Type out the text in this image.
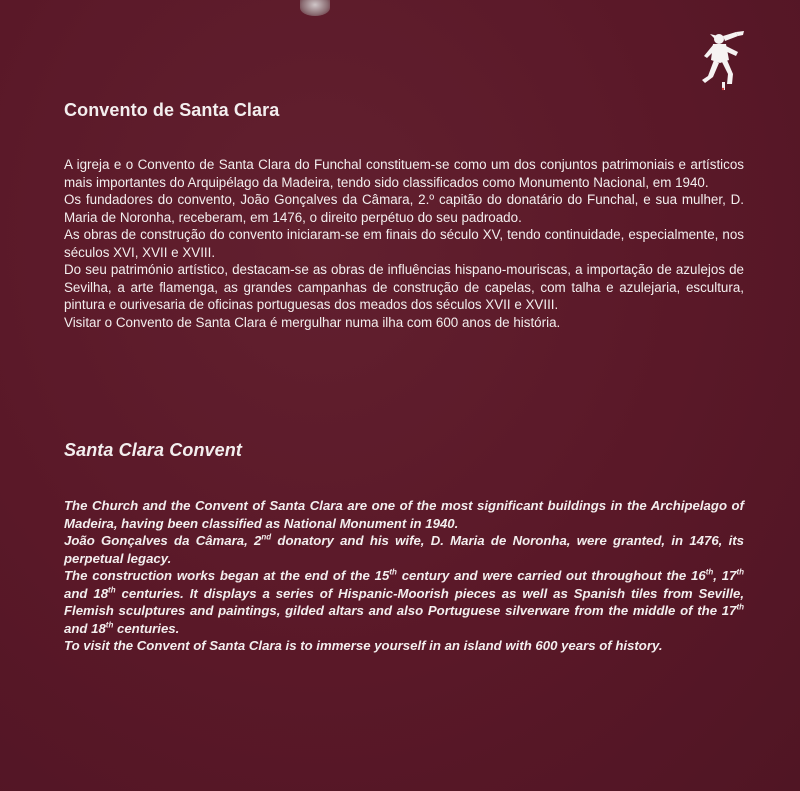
Convento de Santa Clara

A igreja e o Convento de Santa Clara do Funchal constituem-se como um dos conjuntos patrimoniais e artísticos mais importantes do Arquipélago da Madeira, tendo sido classificados como Monumento Nacional, em 1940.

Os fundadores do convento, João Gonçalves da Câmara, 2.º capitão do donatário do Funchal, e sua mulher, D. Maria de Noronha, receberam, em 1476, o direito perpétuo do seu padroado.

As obras de construção do convento iniciaram-se em finais do século XV, tendo continuidade, especialmente, nos séculos XVI, XVII e XVIII.

Do seu património artístico, destacam-se as obras de influências hispano-mouriscas, a importação de azulejos de Sevilha, a arte flamenga, as grandes campanhas de construção de capelas, com talha e azulejaria, escultura, pintura e ourivesaria de oficinas portuguesas dos meados dos séculos XVII e XVIII.

Visitar o Convento de Santa Clara é mergulhar numa ilha com 600 anos de história.

Santa Clara Convent

The Church and the Convent of Santa Clara are one of the most significant buildings in the Archipelago of Madeira, having been classified as National Monument in 1940.

João Gonçalves da Câmara, 2nd donatory and his wife, D. Maria de Noronha, were granted, in 1476, its perpetual legacy.

The construction works began at the end of the 15th century and were carried out throughout the 16th, 17th and 18th centuries. It displays a series of Hispanic-Moorish pieces as well as Spanish tiles from Seville, Flemish sculptures and paintings, gilded altars and also Portuguese silverware from the middle of the 17th and 18th centuries.

To visit the Convent of Santa Clara is to immerse yourself in an island with 600 years of history.
